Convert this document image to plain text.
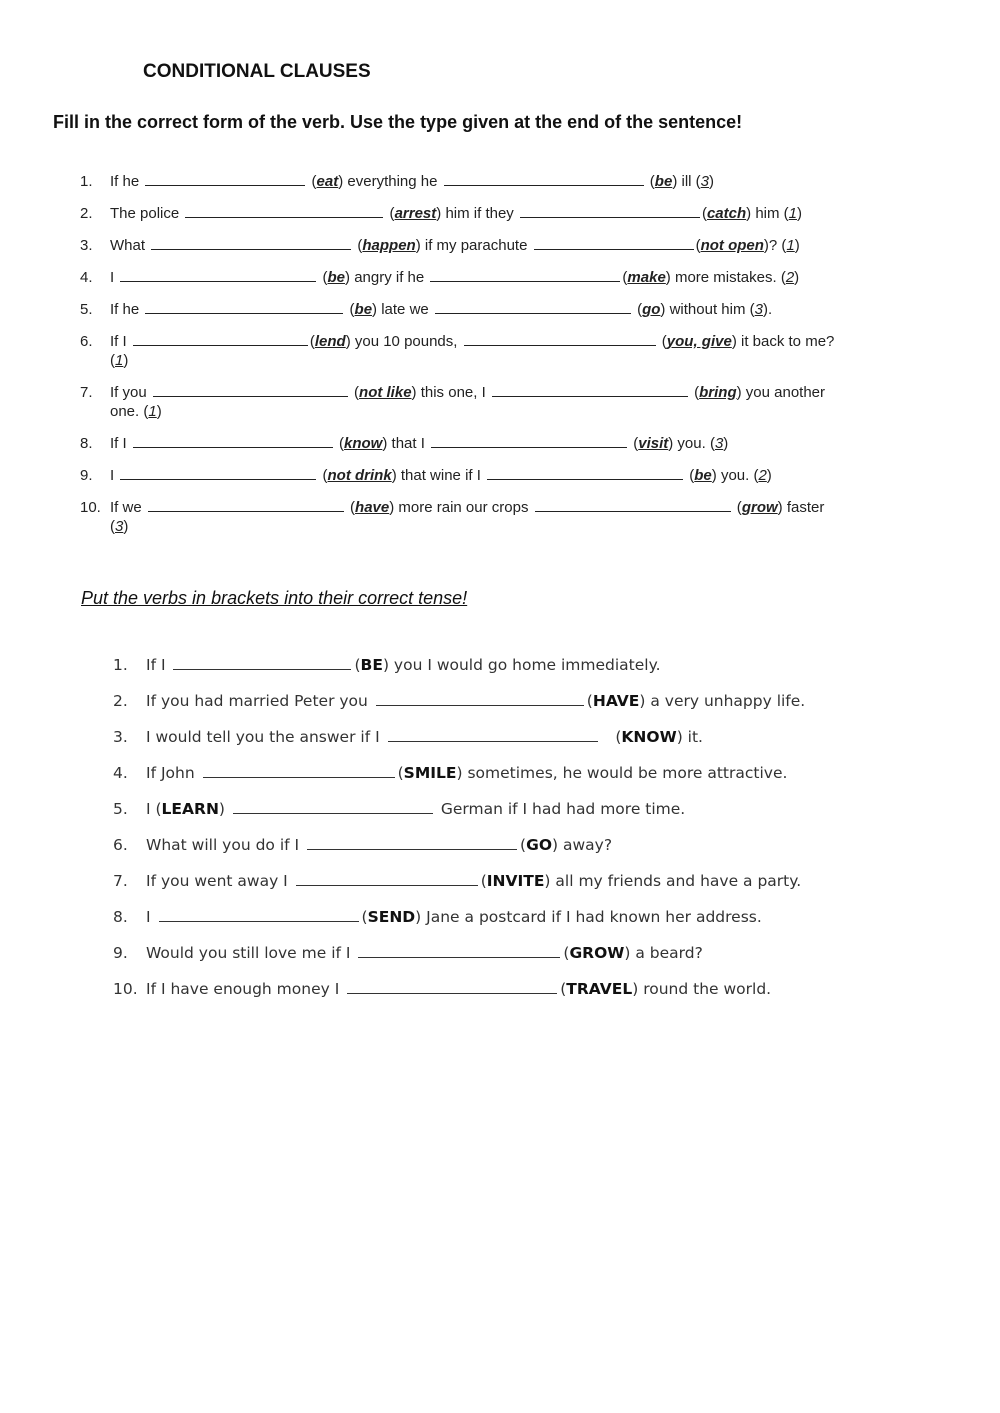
CONDITIONAL CLAUSES
Fill in the correct form of the verb. Use the type given at the end of the sentence!
1.	If he	(eat) everything he	(be) ill (3)
2.	The police	(arrest) him if they	(catch) him (1)
3.	What	(happen) if my parachute	(not open)? (1)
4.	I	(be) angry if he	(make) more mistakes. (2)
5.	If he	(be) late we	(go) without him (3).
6.	If I	(lend) you 10 pounds,	(you, give) it back to me? (1)
7.	If you	(not like) this one, I	(bring) you another one. (1)
8.	If I	(know) that I	(visit) you. (3)
9.	I	(not drink) that wine if I	(be) you. (2)
10. If we	(have) more rain our crops	(grow) faster (3)
Put the verbs in brackets into their correct tense!
1.	If I	(BE) you I would go home immediately.
2.	If you had married Peter you	(HAVE) a very unhappy life.
3.	I would tell you the answer if I	(KNOW) it.
4.	If John	(SMILE) sometimes, he would be more attractive.
5.	I (LEARN)	German if I had had more time.
6.	What will you do if I	(GO) away?
7.	If you went away I	(INVITE) all my friends and have a party.
8.	I	(SEND) Jane a postcard if I had known her address.
9.	Would you still love me if I	(GROW) a beard?
10. If I have enough money I	(TRAVEL) round the world.
